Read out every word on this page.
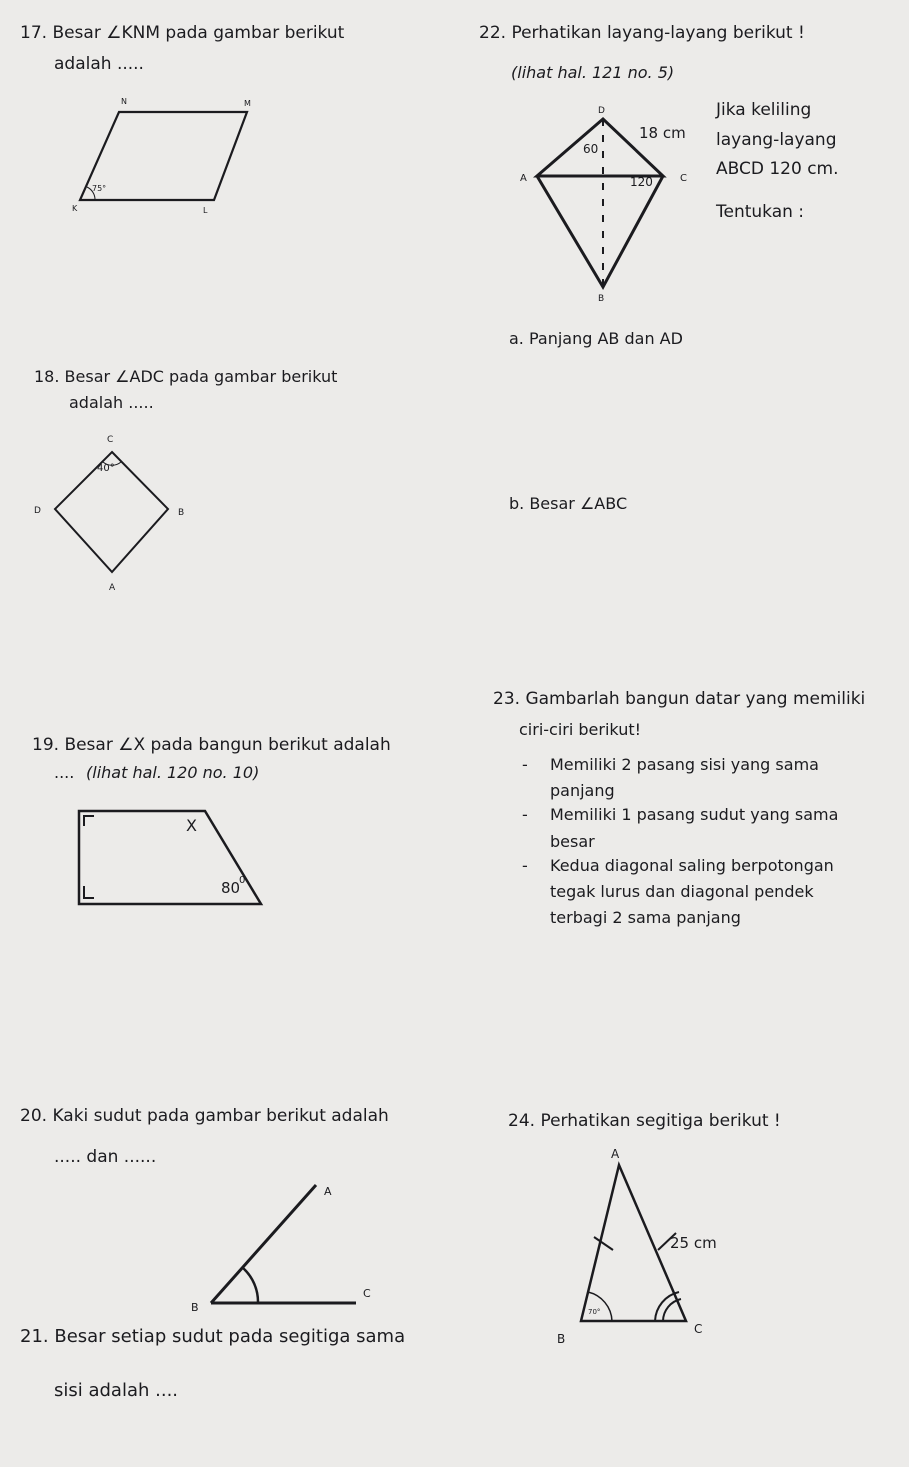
17. Besar ∠KNM pada gambar berikut
adalah .....
N	M
K	L
75°
22. Perhatikan layang-layang berikut !
(lihat hal. 121 no. 5)
D
A	C
B
18 cm
60
120
Jika keliling
layang-layang
ABCD 120 cm.
Tentukan :
a. Panjang AB dan AD
b. Besar ∠ABC
18. Besar ∠ADC pada gambar berikut
adalah .....
C
D	B
A
40°
23. Gambarlah bangun datar yang memiliki
ciri-ciri berikut!
- Memiliki 2 pasang sisi yang sama
panjang
- Memiliki 1 pasang sudut yang sama
besar
- Kedua diagonal saling berpotongan
tegak lurus dan diagonal pendek
terbagi 2 sama panjang
19. Besar ∠X pada bangun berikut adalah
.... (lihat hal. 120 no. 10)
X
80
0
20. Kaki sudut pada gambar berikut adalah
..... dan ......
A
B
C
24. Perhatikan segitiga berikut !
A
B
C
25 cm
70°
21. Besar setiap sudut pada segitiga sama
sisi adalah ....
